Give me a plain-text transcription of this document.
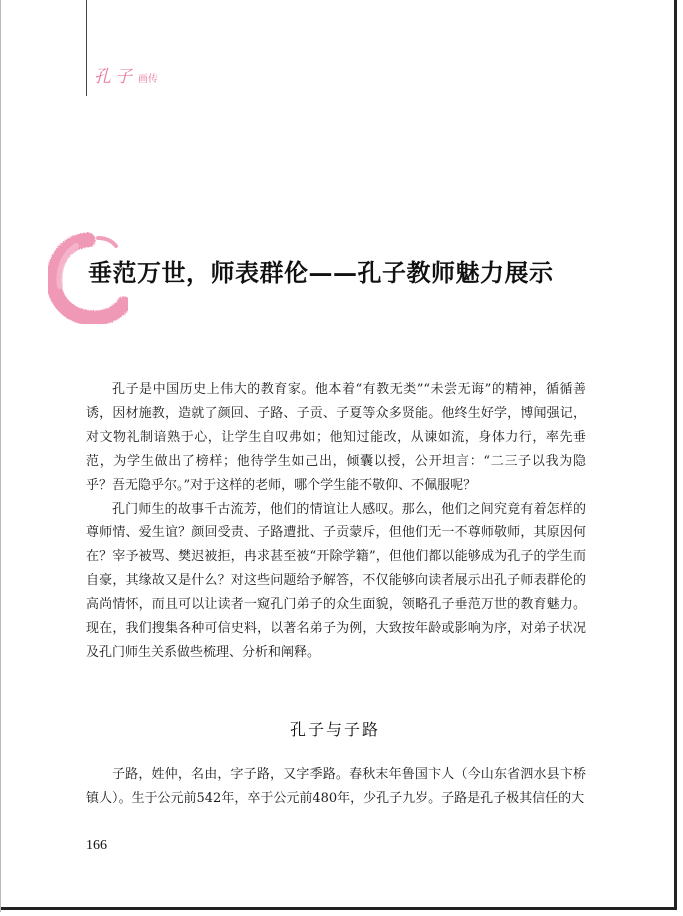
孔子 画传
垂范万世，师表群伦——孔子教师魅力展示

孔子是中国历史上伟大的教育家。他本着“有教无类”“未尝无诲”的精神，循循善诱，因材施教，造就了颜回、子路、子贡、子夏等众多贤能。他终生好学，博闻强记，对文物礼制谙熟于心，让学生自叹弗如；他知过能改，从谏如流，身体力行，率先垂范，为学生做出了榜样；他待学生如己出，倾囊以授，公开坦言：“二三子以我为隐乎？吾无隐乎尔。”对于这样的老师，哪个学生能不敬仰、不佩服呢？

孔门师生的故事千古流芳，他们的情谊让人感叹。那么，他们之间究竟有着怎样的尊师情、爱生谊？颜回受责、子路遭批、子贡蒙斥，但他们无一不尊师敬师，其原因何在？宰予被骂、樊迟被拒，冉求甚至被“开除学籍”，但他们都以能够成为孔子的学生而自豪，其缘故又是什么？对这些问题给予解答，不仅能够向读者展示出孔子师表群伦的高尚情怀，而且可以让读者一窥孔门弟子的众生面貌，领略孔子垂范万世的教育魅力。现在，我们搜集各种可信史料，以著名弟子为例，大致按年龄或影响为序，对弟子状况及孔门师生关系做些梳理、分析和阐释。

孔子与子路

子路，姓仲，名由，字子路，又字季路。春秋末年鲁国卞人（今山东省泗水县卞桥镇人）。生于公元前542年，卒于公元前480年，少孔子九岁。子路是孔子极其信任的大

166
